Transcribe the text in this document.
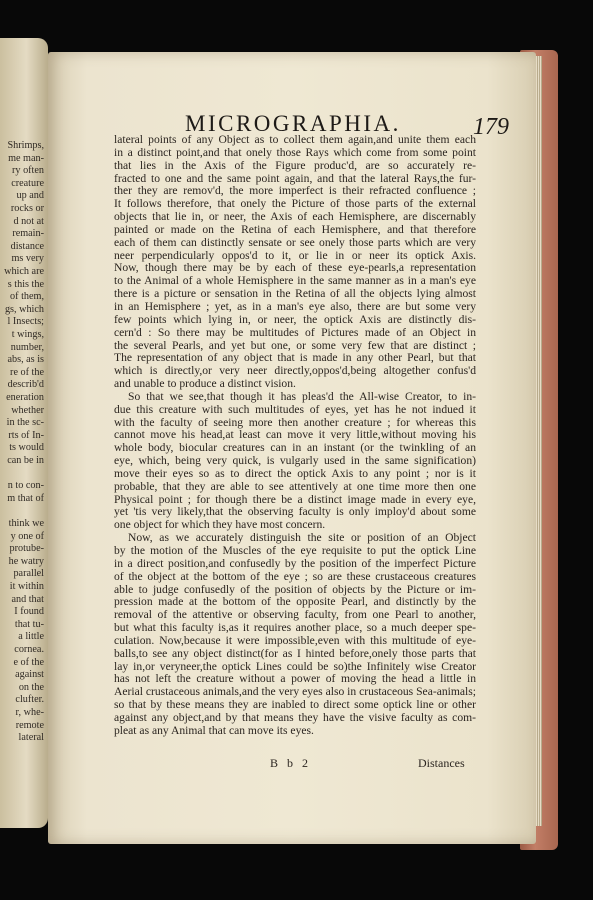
Shrimps,
me man-
ry often
creature
up and
rocks or
d not at
remain-
distance
ms very
which are
s this the
of them,
gs, which
l Insects;
t wings,
number,
abs, as is
re of the
describ'd
eneration
whether
in the sc-
rts of In-
ts would
can be in
n to con-
m that of
think we
y one of
protube-
he watry
parallel
it within
and that
I found
that tu-
a little
cornea.
e of the
against
on the
clufter.
r, whe-
remote
lateral
MICROGRAPHIA.	179
lateral points of any Object as to collect them again,and unite them each
in a distinct point,and that onely those Rays which come from some point
that lies in the Axis of the Figure produc'd, are so accurately re-
fracted to one and the same point again, and that the lateral Rays,the fur-
ther they are remov'd, the more imperfect is their refracted confluence ;
It follows therefore, that onely the Picture of those parts of the external
objects that lie in, or neer, the Axis of each Hemisphere, are discernably
painted or made on the Retina of each Hemisphere, and that therefore
each of them can distinctly sensate or see onely those parts which are very
neer perpendicularly oppos'd to it, or lie in or neer its optick Axis.
Now, though there may be by each of these eye-pearls,a representation
to the Animal of a whole Hemisphere in the same manner as in a man's eye
there is a picture or sensation in the Retina of all the objects lying almost
in an Hemisphere ; yet, as in a man's eye also, there are but some very
few points which lying in, or neer, the optick Axis are distinctly dis-
cern'd : So there may be multitudes of Pictures made of an Object in
the several Pearls, and yet but one, or some very few that are distinct ;
The representation of any object that is made in any other Pearl, but that
which is directly,or very neer directly,oppos'd,being altogether confus'd
and unable to produce a distinct vision.
So that we see,that though it has pleas'd the All-wise Creator, to in-
due this creature with such multitudes of eyes, yet has he not indued it
with the faculty of seeing more then another creature ; for whereas this
cannot move his head,at least can move it very little,without moving his
whole body, biocular creatures can in an instant (or the twinkling of an
eye, which, being very quick, is vulgarly used in the same signification)
move their eyes so as to direct the optick Axis to any point ; nor is it
probable, that they are able to see attentively at one time more then one
Physical point ; for though there be a distinct image made in every eye,
yet 'tis very likely,that the observing faculty is only imploy'd about some
one object for which they have most concern.
Now, as we accurately distinguish the site or position of an Object
by the motion of the Muscles of the eye requisite to put the optick Line
in a direct position,and confusedly by the position of the imperfect Picture
of the object at the bottom of the eye ; so are these crustaceous creatures
able to judge confusedly of the position of objects by the Picture or im-
pression made at the bottom of the opposite Pearl, and distinctly by the
removal of the attentive or observing faculty, from one Pearl to another,
but what this faculty is,as it requires another place, so a much deeper spe-
culation. Now,because it were impossible,even with this multitude of eye-
balls,to see any object distinct(for as I hinted before,onely those parts that
lay in,or veryneer,the optick Lines could be so)the Infinitely wise Creator
has not left the creature without a power of moving the head a little in
Aerial crustaceous animals,and the very eyes also in crustaceous Sea-animals;
so that by these means they are inabled to direct some optick line or other
against any object,and by that means they have the visive faculty as com-
pleat as any Animal that can move its eyes.
B b 2	Distances
